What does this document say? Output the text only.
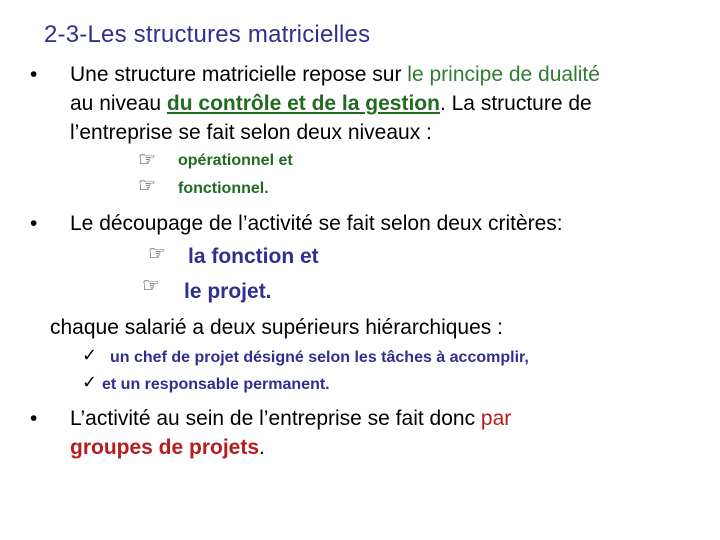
2-3-Les structures matricielles
• Une structure matricielle repose sur le principe de dualité
au niveau du contrôle et de la gestion. La structure de
l’entreprise se fait selon deux niveaux :
☞ opérationnel et
☞ fonctionnel.
• Le découpage de l’activité se fait selon deux critères:
☞ la fonction et
☞ le projet.
chaque salarié a deux supérieurs hiérarchiques :
✓ un chef de projet désigné selon les tâches à accomplir,
✓ et un responsable permanent.
• L’activité au sein de l’entreprise se fait donc par
groupes de projets.
